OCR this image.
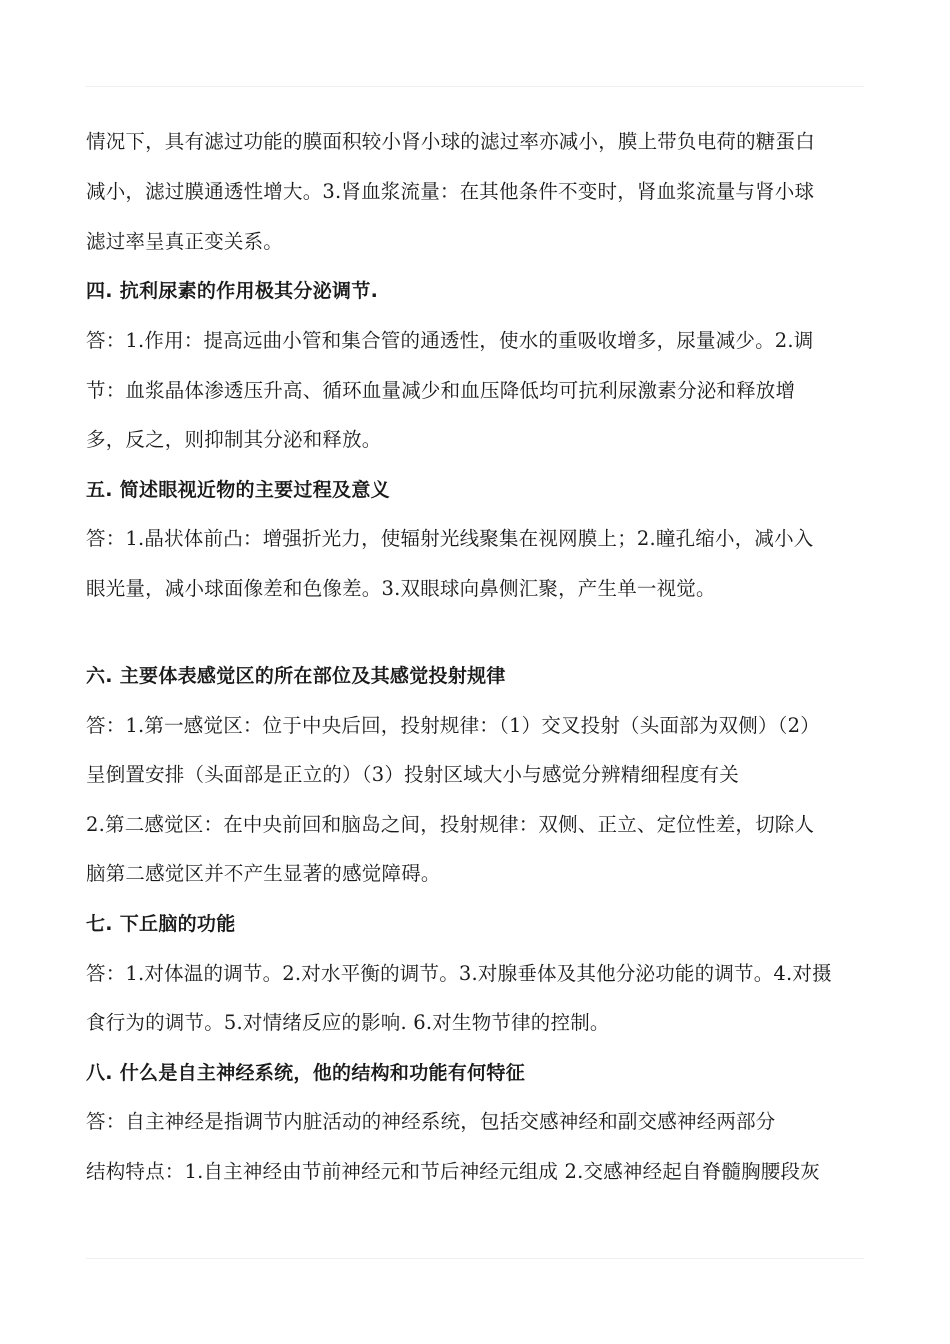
情况下，具有滤过功能的膜面积较小肾小球的滤过率亦减小，膜上带负电荷的糖蛋白
减小，滤过膜通透性增大。3.肾血浆流量：在其他条件不变时，肾血浆流量与肾小球
滤过率呈真正变关系。
四. 抗利尿素的作用极其分泌调节.
答：1.作用：提高远曲小管和集合管的通透性，使水的重吸收增多，尿量减少。2.调
节：血浆晶体渗透压升高、循环血量减少和血压降低均可抗利尿激素分泌和释放增
多，反之，则抑制其分泌和释放。
五. 简述眼视近物的主要过程及意义
答：1.晶状体前凸：增强折光力，使辐射光线聚集在视网膜上；2.瞳孔缩小，减小入
眼光量，减小球面像差和色像差。3.双眼球向鼻侧汇聚，产生单一视觉。
六. 主要体表感觉区的所在部位及其感觉投射规律
答：1.第一感觉区：位于中央后回，投射规律：（1）交叉投射（头面部为双侧）（2）
呈倒置安排（头面部是正立的）（3）投射区域大小与感觉分辨精细程度有关
2.第二感觉区：在中央前回和脑岛之间，投射规律：双侧、正立、定位性差，切除人
脑第二感觉区并不产生显著的感觉障碍。
七. 下丘脑的功能
答：1.对体温的调节。2.对水平衡的调节。3.对腺垂体及其他分泌功能的调节。4.对摄
食行为的调节。5.对情绪反应的影响. 6.对生物节律的控制。
八. 什么是自主神经系统，他的结构和功能有何特征
答：自主神经是指调节内脏活动的神经系统，包括交感神经和副交感神经两部分
结构特点：1.自主神经由节前神经元和节后神经元组成 2.交感神经起自脊髓胸腰段灰
